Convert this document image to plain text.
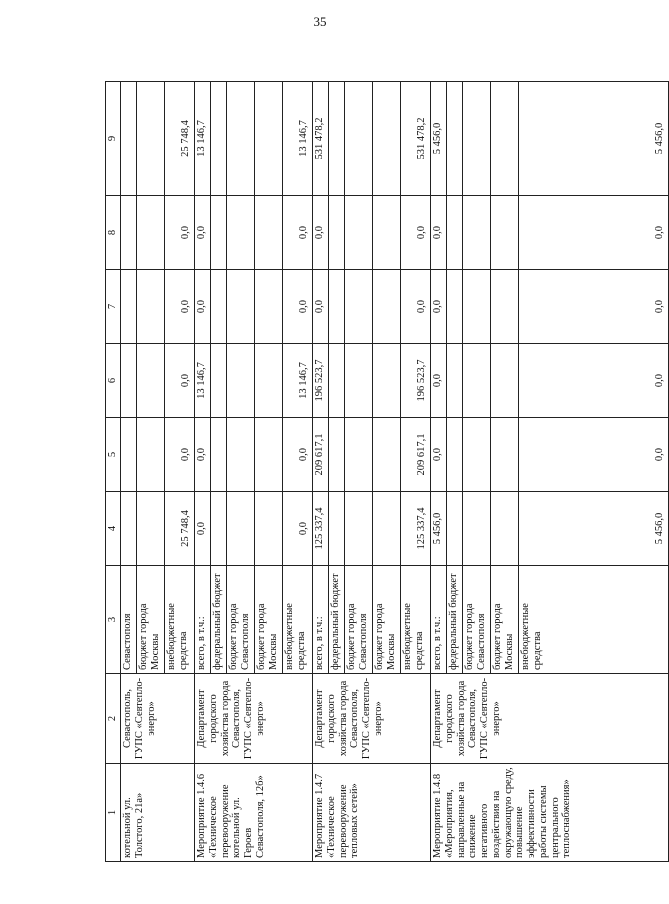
35
1	2	3	4	5	6	7	8	9
котельной ул. Толстого, 21а»	Севастополь, ГУПС «Севтепло-энерго»	Севастополя						
		бюджет города Москвы						
		внебюджетные средства	25 748,4	0,0	0,0	0,0	0,0	25 748,4
Мероприятие 1.4.6 «Техническое перевооружение котельной ул. Героев Севастополя, 12б»	Департамент городского хозяйства города Севастополя, ГУПС «Севтепло-энерго»	всего, в т.ч.:	0,0	0,0	13 146,7	0,0	0,0	13 146,7
		федеральный бюджет						
		бюджет города Севастополя						
		бюджет города Москвы						
		внебюджетные средства	0,0	0,0	13 146,7	0,0	0,0	13 146,7
Мероприятие 1.4.7 «Техническое перевооружение тепловых сетей»	Департамент городского хозяйства города Севастополя, ГУПС «Севтепло-энерго»	всего, в т.ч.:	125 337,4	209 617,1	196 523,7	0,0	0,0	531 478,2
		федеральный бюджет						
		бюджет города Севастополя						
		бюджет города Москвы						
		внебюджетные средства	125 337,4	209 617,1	196 523,7	0,0	0,0	531 478,2
Мероприятие 1.4.8 «Мероприятия, направленные на снижение негативного воздействия на окружающую среду, повышение эффективности работы системы центрального теплоснабжения»	Департамент городского хозяйства города Севастополя, ГУПС «Севтепло-энерго»	всего, в т.ч.:	5 456,0	0,0	0,0	0,0	0,0	5 456,0
		федеральный бюджет						
		бюджет города Севастополя						
		бюджет города Москвы						
		внебюджетные средства	5 456,0	0,0	0,0	0,0	0,0	5 456,0
